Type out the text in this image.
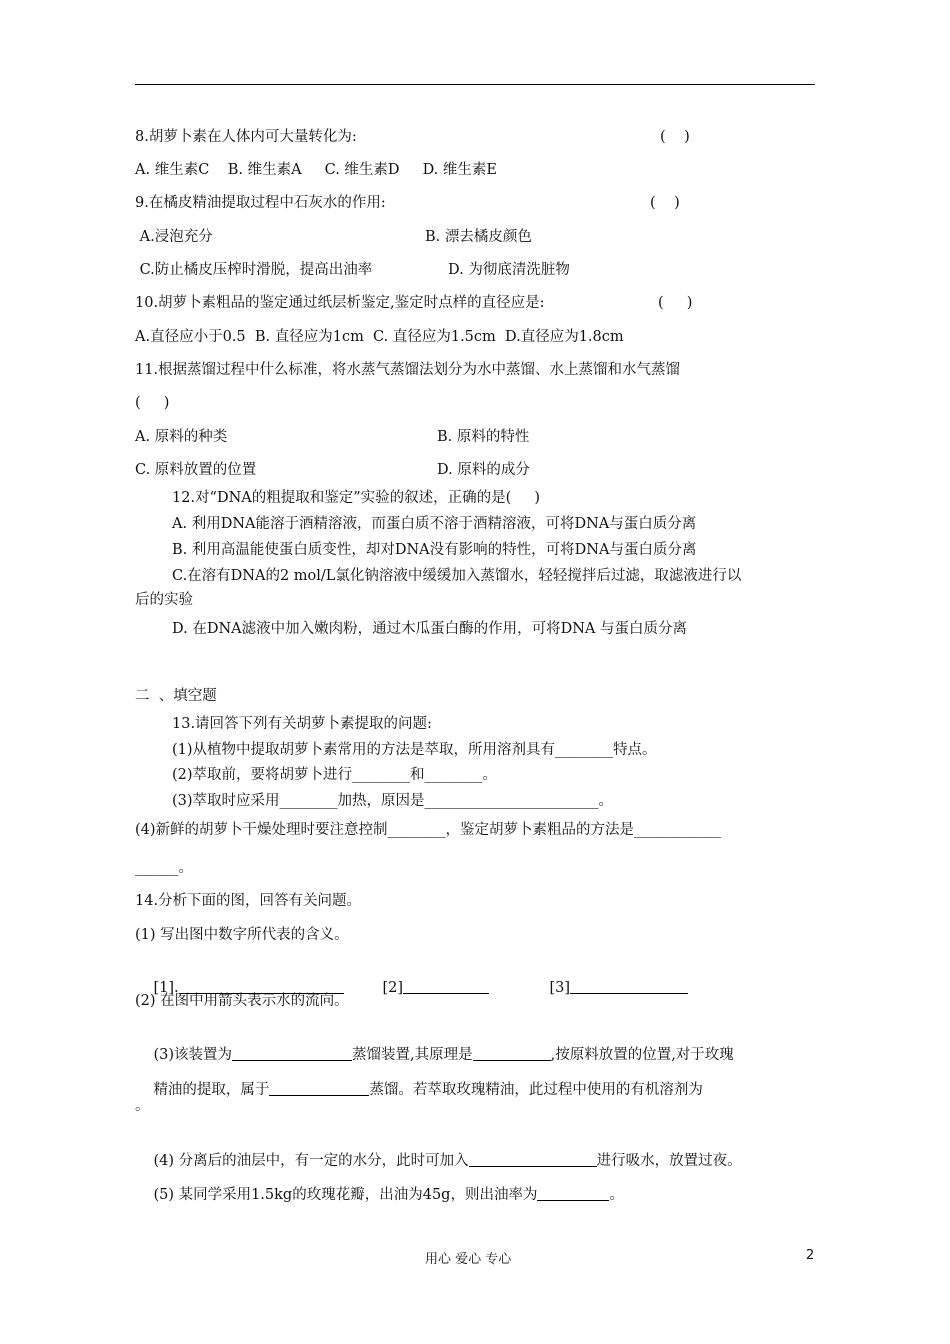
8.胡萝卜素在人体内可大量转化为:	(    )
A. 维生素C    B. 维生素A     C. 维生素D     D. 维生素E
9.在橘皮精油提取过程中石灰水的作用:	(    )
A.浸泡充分	B. 漂去橘皮颜色
C.防止橘皮压榨时滑脱，提高出油率	D. 为彻底清洗脏物
10.胡萝卜素粗品的鉴定通过纸层析鉴定,鉴定时点样的直径应是:	(     )
A.直径应小于0.5  B. 直径应为1cm  C. 直径应为1.5cm  D.直径应为1.8cm
11.根据蒸馏过程中什么标准，将水蒸气蒸馏法划分为水中蒸馏、水上蒸馏和水气蒸馏
(     )
A. 原料的种类	B. 原料的特性
C. 原料放置的位置	D. 原料的成分
12.对“DNA的粗提取和鉴定”实验的叙述，正确的是(     )
A. 利用DNA能溶于酒精溶液，而蛋白质不溶于酒精溶液，可将DNA与蛋白质分离
B. 利用高温能使蛋白质变性，却对DNA没有影响的特性，可将DNA与蛋白质分离
C.在溶有DNA的2 mol/L氯化钠溶液中缓缓加入蒸馏水，轻轻搅拌后过滤，取滤液进行以
后的实验
D. 在DNA滤液中加入嫩肉粉，通过木瓜蛋白酶的作用，可将DNA 与蛋白质分离
二  、填空题
13.请回答下列有关胡萝卜素提取的问题:
(1)从植物中提取胡萝卜素常用的方法是萃取，所用溶剂具有________特点。
(2)萃取前，要将胡萝卜进行________和________。
(3)萃取时应采用________加热，原因是________________________。
(4)新鲜的胡萝卜干燥处理时要注意控制________，鉴定胡萝卜素粗品的方法是____________
______。
14.分析下面的图，回答有关问题。
(1) 写出图中数字所代表的含义。

[1].
	[2]
	[3]

(2) 在图中用箭头表示水的流向。

(3)该装置为	蒸馏装置,其原理是	,按原料放置的位置,对于玫瑰

精油的提取，属于	蒸馏。若萃取玫瑰精油，此过程中使用的有机溶剂为

。

(4) 分离后的油层中，有一定的水分，此时可加入	进行吸水，放置过夜。

(5) 某同学采用1.5kg的玫瑰花瓣，出油为45g，则出油率为	。

用心 爱心 专心	2
